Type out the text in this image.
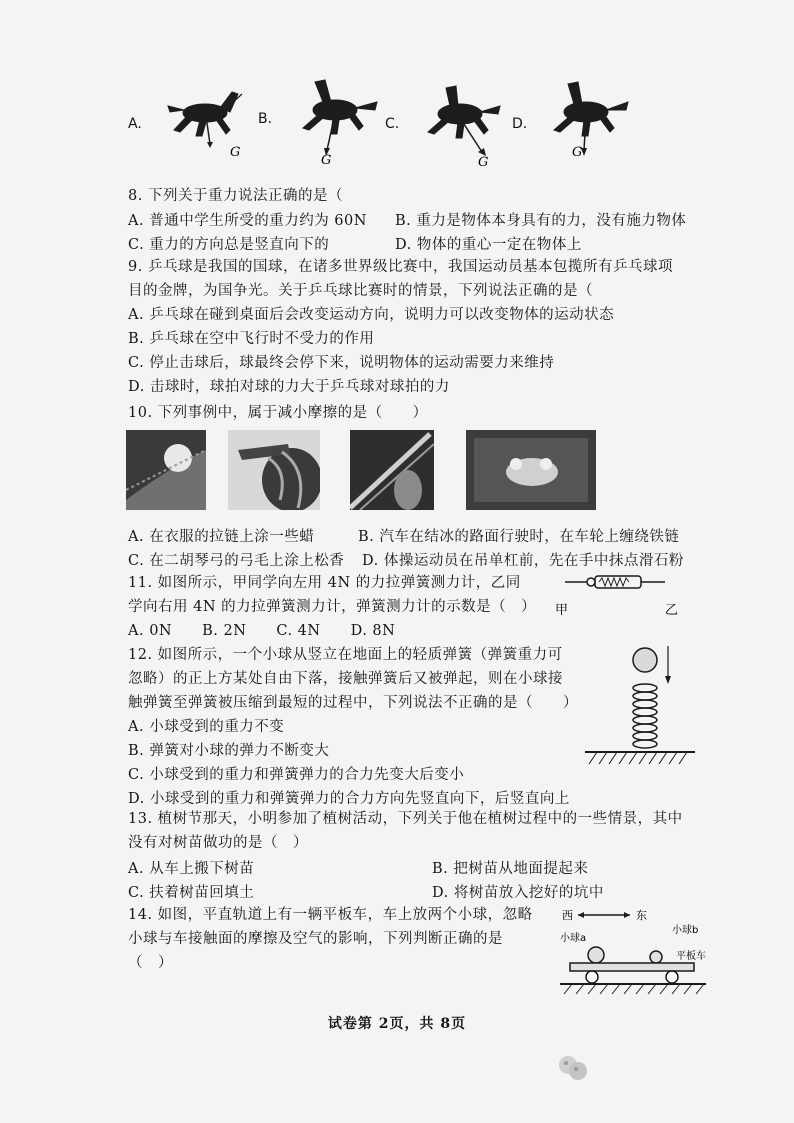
A.
G
B.
G
C.
G
D.
G
8. 下列关于重力说法正确的是（
A. 普通中学生所受的重力约为 60N B. 重力是物体本身具有的力，没有施力物体
C. 重力的方向总是竖直向下的	D. 物体的重心一定在物体上
9. 乒乓球是我国的国球，在诸多世界级比赛中，我国运动员基本包揽所有乒乓球项
目的金牌，为国争光。关于乒乓球比赛时的情景，下列说法正确的是（
A. 乒乓球在碰到桌面后会改变运动方向，说明力可以改变物体的运动状态
B. 乒乓球在空中飞行时不受力的作用
C. 停止击球后，球最终会停下来，说明物体的运动需要力来维持
D. 击球时，球拍对球的力大于乒乓球对球拍的力
10. 下列事例中，属于减小摩擦的是（　　）
A. 在衣服的拉链上涂一些蜡	B. 汽车在结冰的路面行驶时，在车轮上缠绕铁链
C. 在二胡琴弓的弓毛上涂上松香 D. 体操运动员在吊单杠前，先在手中抹点滑石粉
11. 如图所示，甲同学向左用 4N 的力拉弹簧测力计，乙同
学向右用 4N 的力拉弹簧测力计，弹簧测力计的示数是（　）
A. 0N　　B. 2N　　C. 4N　　D. 8N
甲	乙
12. 如图所示，一个小球从竖立在地面上的轻质弹簧（弹簧重力可
忽略）的正上方某处自由下落，接触弹簧后又被弹起，则在小球接
触弹簧至弹簧被压缩到最短的过程中，下列说法不正确的是（　　）
A. 小球受到的重力不变
B. 弹簧对小球的弹力不断变大
C. 小球受到的重力和弹簧弹力的合力先变大后变小
D. 小球受到的重力和弹簧弹力的合力方向先竖直向下，后竖直向上
13. 植树节那天，小明参加了植树活动，下列关于他在植树过程中的一些情景，其中
没有对树苗做功的是（　）
A. 从车上搬下树苗	B. 把树苗从地面提起来
C. 扶着树苗回填土	D. 将树苗放入挖好的坑中
14. 如图，平直轨道上有一辆平板车，车上放两个小球，忽略
小球与车接触面的摩擦及空气的影响，下列判断正确的是
（　）
西	东
小球b
小球a
平板车
试卷第 2页，共 8页
